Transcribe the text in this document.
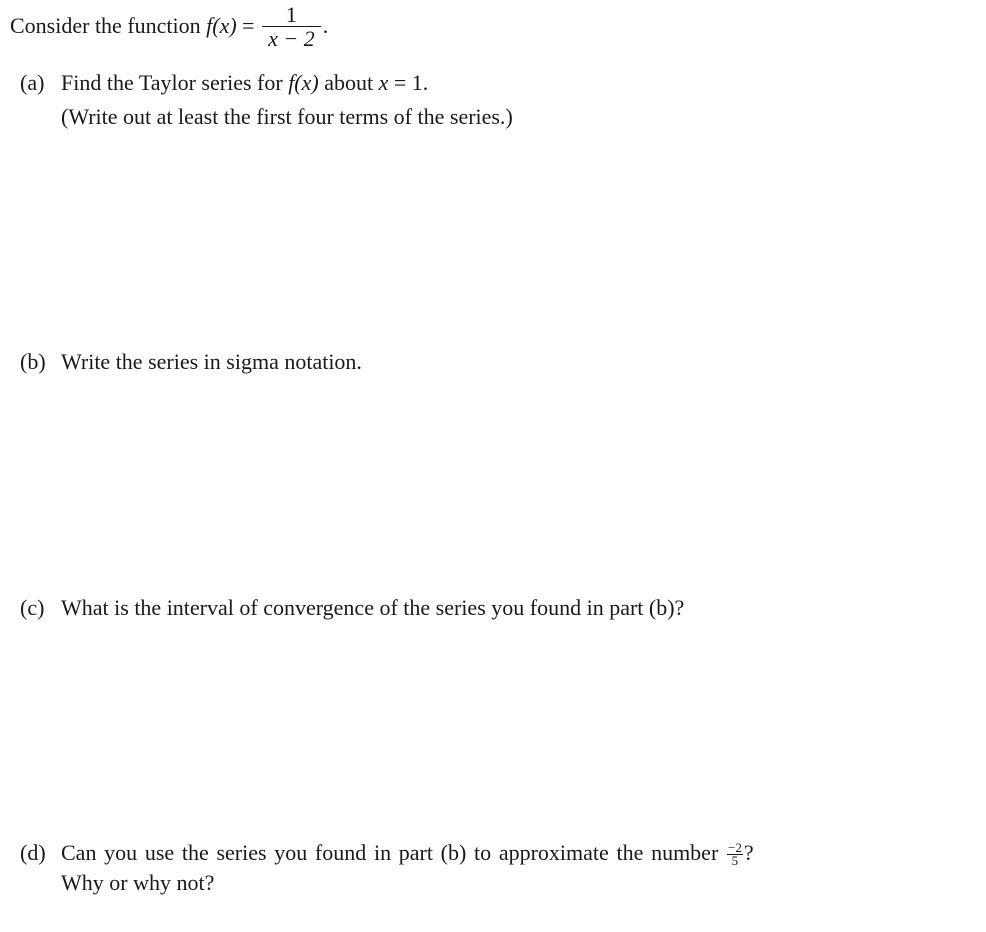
Consider the function $f(x) = \frac{1}{x - 2}$ .
(a) Find the Taylor series for f(x) about x = 1.
(Write out at least the first four terms of the series.)
(b) Write the series in sigma notation.
(c) What is the interval of convergence of the series you found in part (b)?
(d) Can you use the series you found in part (b) to approximate the number $\frac{-2}{5}$ ?
Why or why not?
